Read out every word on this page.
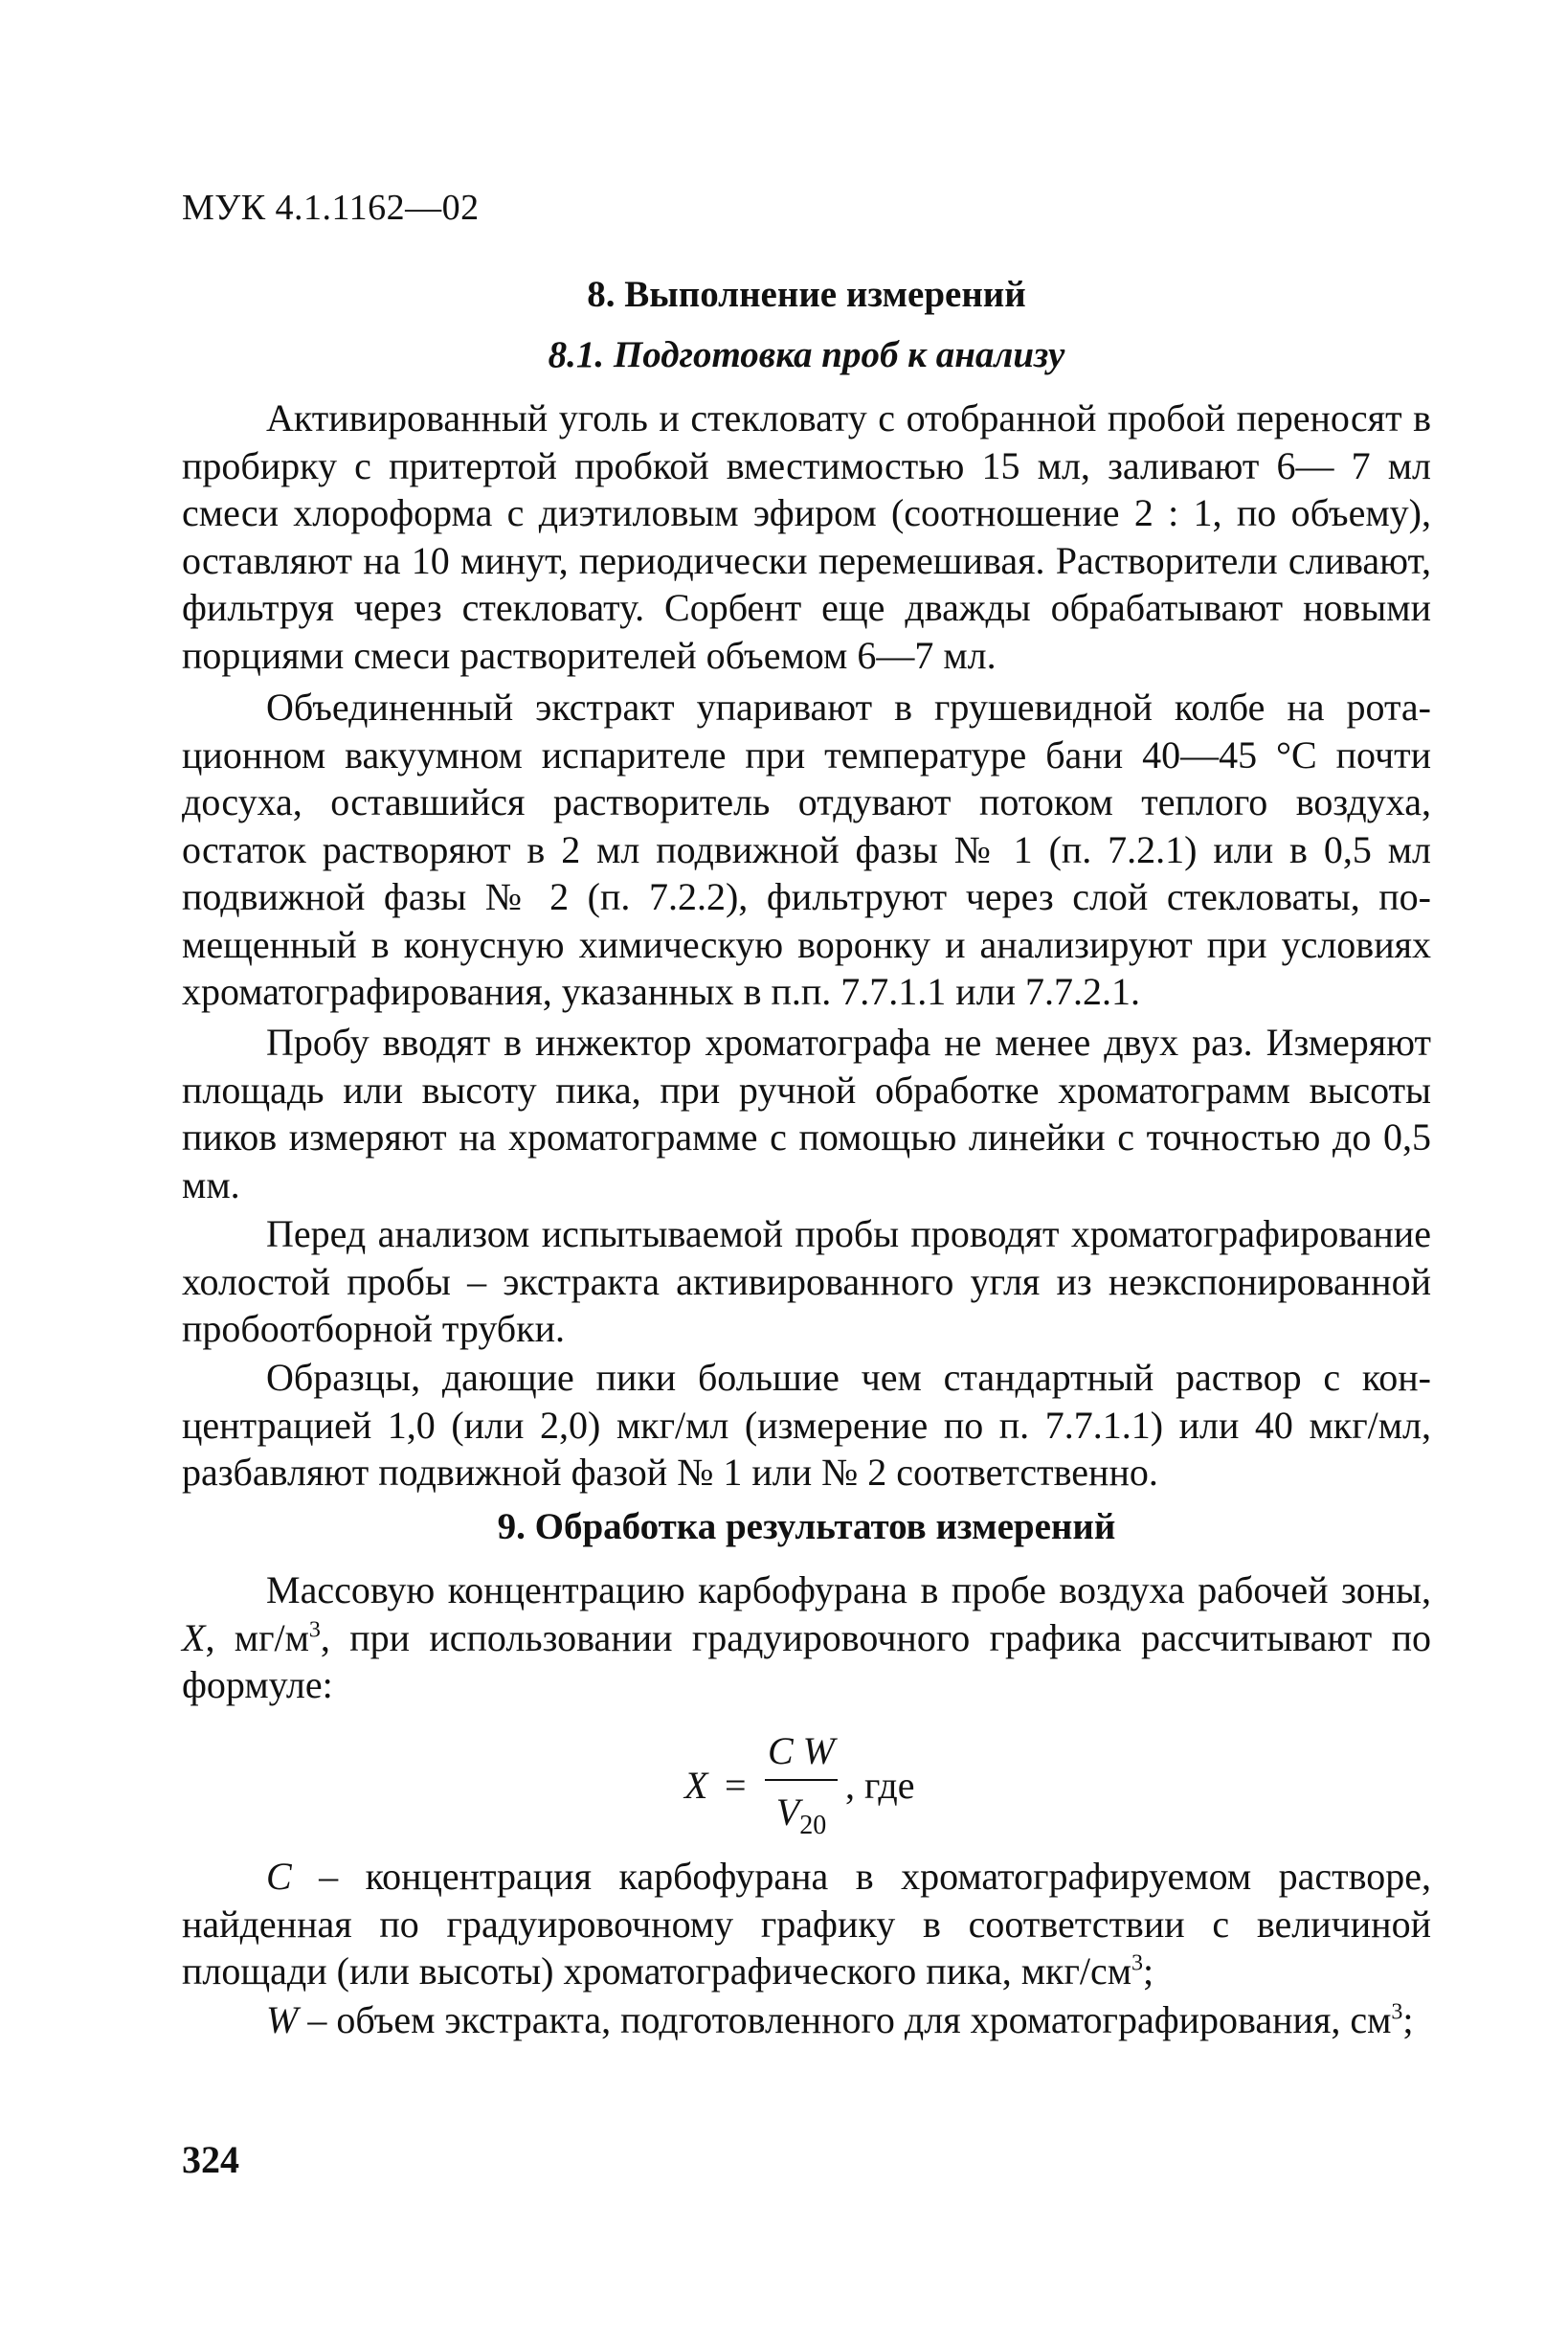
МУК 4.1.1162—02
8. Выполнение измерений
8.1. Подготовка проб к анализу

Активированный уголь и стекловату с отобранной пробой переносят в пробирку с притертой пробкой вместимостью 15 мл, заливают 6— 7 мл смеси хлороформа с диэтиловым эфиром (соотношение 2 : 1, по объему), оставляют на 10 минут, периодически перемешивая. Растворители сливают, фильтруя через стекловату. Сорбент еще дважды обрабатывают новыми порциями смеси растворителей объемом 6—7 мл.

Объединенный экстракт упаривают в грушевидной колбе на ротационном вакуумном испарителе при температуре бани 40—45 °С почти досуха, оставшийся растворитель отдувают потоком теплого воздуха, остаток растворяют в 2 мл подвижной фазы № 1 (п. 7.2.1) или в 0,5 мл подвижной фазы № 2 (п. 7.2.2), фильтруют через слой стекловаты, помещенный в конусную химическую воронку и анализируют при условиях хроматографирования, указанных в п.п. 7.7.1.1 или 7.7.2.1.

Пробу вводят в инжектор хроматографа не менее двух раз. Измеряют площадь или высоту пика, при ручной обработке хроматограмм высоты пиков измеряют на хроматограмме с помощью линейки с точностью до 0,5 мм.

Перед анализом испытываемой пробы проводят хроматографирование холостой пробы – экстракта активированного угля из неэкспонированной пробоотборной трубки.

Образцы, дающие пики большие чем стандартный раствор с концентрацией 1,0 (или 2,0) мкг/мл (измерение по п. 7.7.1.1) или 40 мкг/мл, разбавляют подвижной фазой № 1 или № 2 соответственно.

9. Обработка результатов измерений

Массовую концентрацию карбофурана в пробе воздуха рабочей зоны, X, $мг/м^3$, при использовании градуировочного графика рассчитывают по формуле:

X =
C W
$V_{20}$
, где

C – концентрация карбофурана в хроматографируемом растворе, найденная по градуировочному графику в соответствии с величиной площади (или высоты) хроматографического пика, мкг/$см^3$;

W – объем экстракта, подготовленного для хроматографирования, $см^3$;

324
